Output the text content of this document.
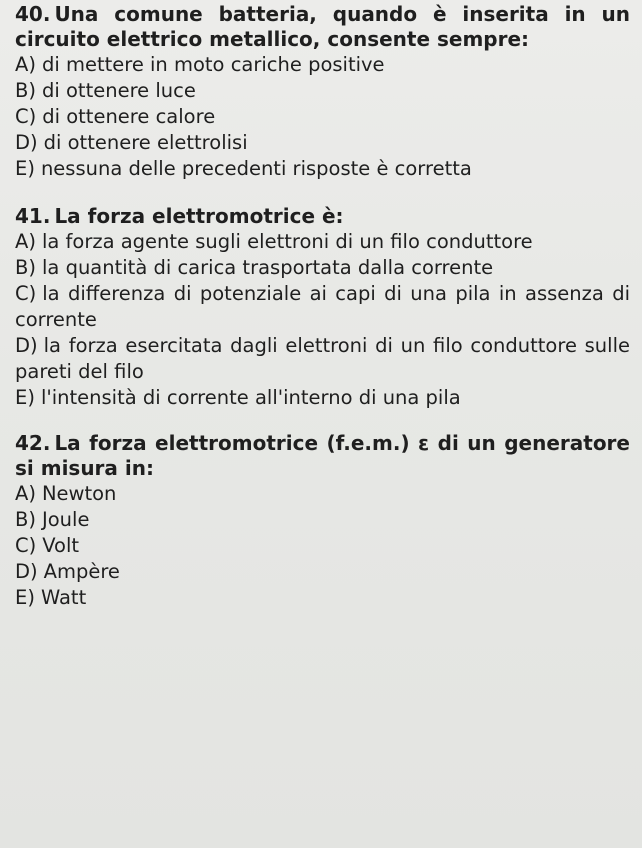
40. Una comune batteria, quando è inserita in un circuito elettrico metallico, consente sempre:

A) di mettere in moto cariche positive

B) di ottenere luce

C) di ottenere calore

D) di ottenere elettrolisi

E) nessuna delle precedenti risposte è corretta

41. La forza elettromotrice è:

A) la forza agente sugli elettroni di un filo conduttore

B) la quantità di carica trasportata dalla corrente

C) la differenza di potenziale ai capi di una pila in assenza di corrente

D) la forza esercitata dagli elettroni di un filo conduttore sulle pareti del filo

E) l'intensità di corrente all'interno di una pila

42. La forza elettromotrice (f.e.m.) ε di un generatore si misura in:

A) Newton

B) Joule

C) Volt

D) Ampère

E) Watt
